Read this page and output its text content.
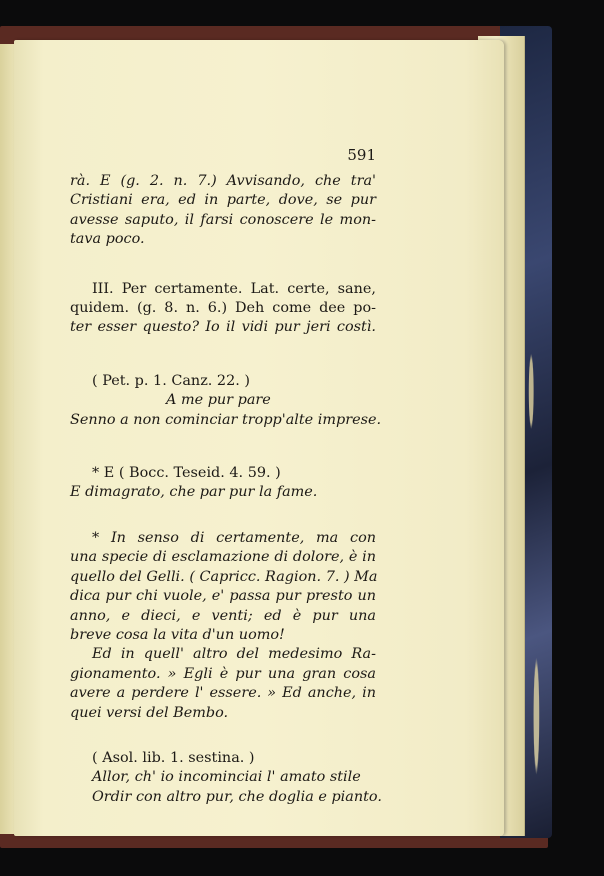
591
rà. E (g. 2. n. 7.) Avvisando, che tra'
Cristiani era, ed in parte, dove, se pur
avesse saputo, il farsi conoscere le mon-
tava poco.
III. Per certamente. Lat. certe, sane,
quidem. (g. 8. n. 6.) Deh come dee po-
ter esser questo? Io il vidi pur jeri costì.
( Pet. p. 1. Canz. 22. )
A me pur pare
Senno a non cominciar tropp'alte imprese.
* E ( Bocc. Teseid. 4. 59. )
E dimagrato, che par pur la fame.
* In senso di certamente, ma con
una specie di esclamazione di dolore, è in
quello del Gelli. ( Capricc. Ragion. 7. ) Ma
dica pur chi vuole, e' passa pur presto un
anno, e dieci, e venti; ed è pur una
breve cosa la vita d'un uomo!
Ed in quell' altro del medesimo Ra-
gionamento. » Egli è pur una gran cosa
avere a perdere l' essere. » Ed anche, in
quei versi del Bembo.
( Asol. lib. 1. sestina. )
Allor, ch' io incominciai l' amato stile
Ordir con altro pur, che doglia e pianto.
